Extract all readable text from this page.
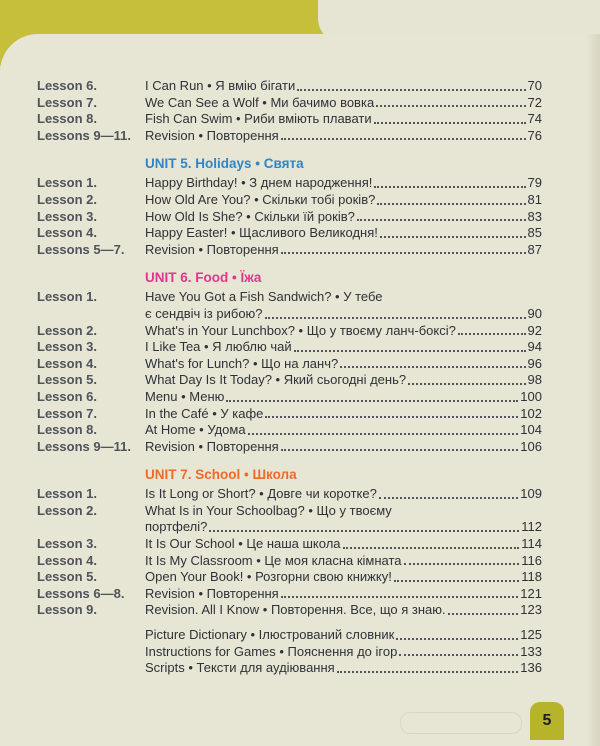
Lesson 6.	I Can Run • Я вмію бігати	70
Lesson 7.	We Can See a Wolf • Ми бачимо вовка	72
Lesson 8.	Fish Can Swim • Риби вміють плавати	74
Lessons 9—11.	Revision • Повторення	76
UNIT 5. Holidays • Свята
Lesson 1.	Happy Birthday! • З днем народження!	79
Lesson 2.	How Old Are You? • Скільки тобі років?	81
Lesson 3.	How Old Is She? • Скільки їй років?	83
Lesson 4.	Happy Easter! • Щасливого Великодня!	85
Lessons 5—7.	Revision • Повторення	87
UNIT 6. Food • Їжа
Lesson 1.	Have You Got a Fish Sandwich? • У тебе
є сендвіч із рибою?	90
Lesson 2.	What's in Your Lunchbox? • Що у твоєму ланч-боксі?	92
Lesson 3.	I Like Tea • Я люблю чай	94
Lesson 4.	What's for Lunch? • Що на ланч?	96
Lesson 5.	What Day Is It Today? • Який сьогодні день?	98
Lesson 6.	Menu • Меню	100
Lesson 7.	In the Café • У кафе	102
Lesson 8.	At Home • Удома	104
Lessons 9—11.	Revision • Повторення	106
UNIT 7. School • Школа
Lesson 1.	Is It Long or Short? • Довге чи коротке?	109
Lesson 2.	What Is in Your Schoolbag? • Що у твоєму
портфелі?	112
Lesson 3.	It Is Our School • Це наша школа	114
Lesson 4.	It Is My Classroom • Це моя класна кімната	116
Lesson 5.	Open Your Book! • Розгорни свою книжку!	118
Lessons 6—8.	Revision • Повторення	121
Lesson 9.	Revision. All I Know • Повторення. Все, що я знаю.	123
Picture Dictionary • Ілюстрований словник	125
Instructions for Games • Пояснення до ігор	133
Scripts • Тексти для аудіювання	136
5
